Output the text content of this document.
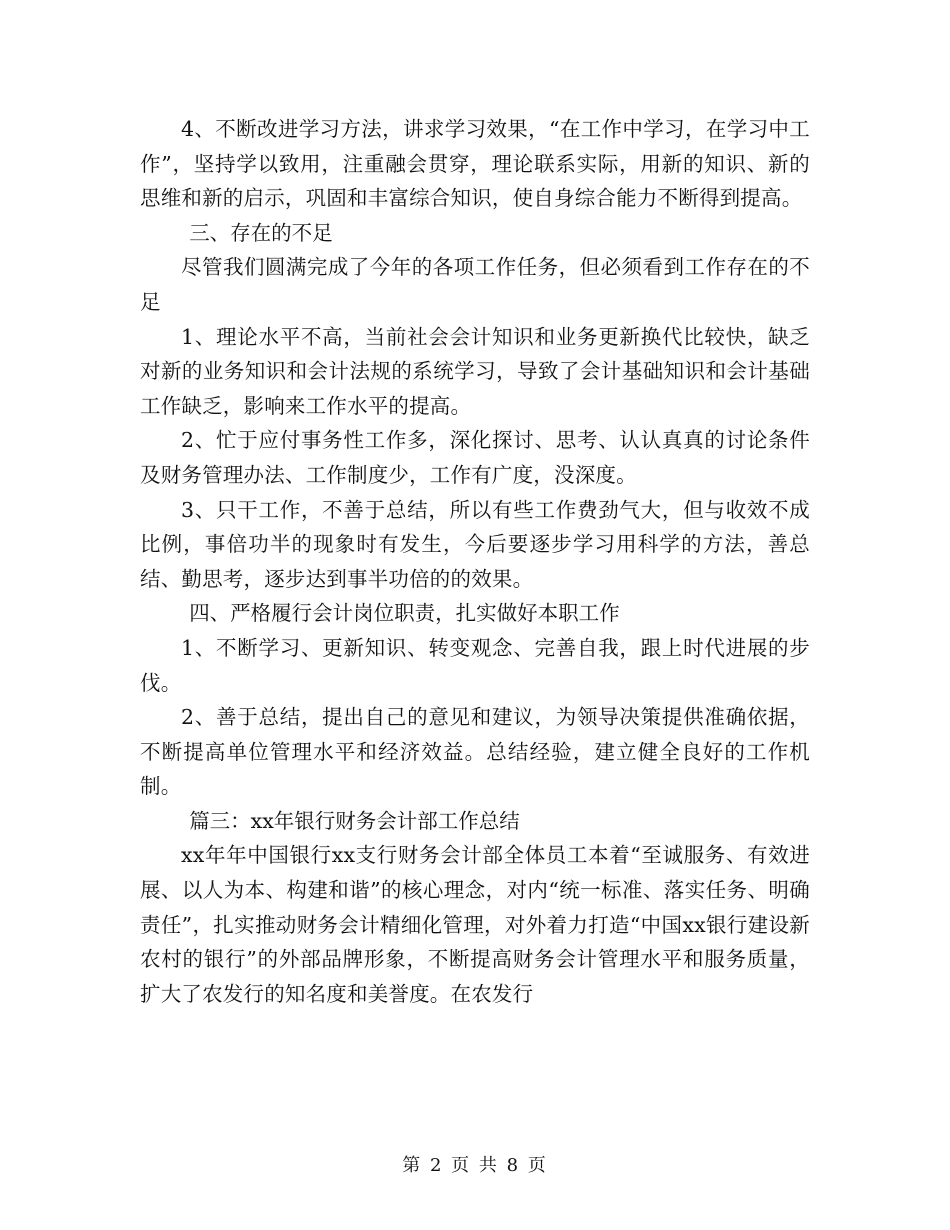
4、不断改进学习方法，讲求学习效果，“在工作中学习，在学习中工作”，坚持学以致用，注重融会贯穿，理论联系实际，用新的知识、新的思维和新的启示，巩固和丰富综合知识，使自身综合能力不断得到提高。

三、存在的不足

尽管我们圆满完成了今年的各项工作任务，但必须看到工作存在的不足

1、理论水平不高，当前社会会计知识和业务更新换代比较快，缺乏对新的业务知识和会计法规的系统学习，导致了会计基础知识和会计基础工作缺乏，影响来工作水平的提高。

2、忙于应付事务性工作多，深化探讨、思考、认认真真的讨论条件及财务管理办法、工作制度少，工作有广度，没深度。

3、只干工作，不善于总结，所以有些工作费劲气大，但与收效不成比例，事倍功半的现象时有发生，今后要逐步学习用科学的方法，善总结、勤思考，逐步达到事半功倍的的效果。

四、严格履行会计岗位职责，扎实做好本职工作

1、不断学习、更新知识、转变观念、完善自我，跟上时代进展的步伐。

2、善于总结，提出自己的意见和建议，为领导决策提供准确依据，不断提高单位管理水平和经济效益。总结经验，建立健全良好的工作机制。

篇三：xx年银行财务会计部工作总结

xx年年中国银行xx支行财务会计部全体员工本着“至诚服务、有效进展、以人为本、构建和谐”的核心理念，对内“统一标准、落实任务、明确责任”，扎实推动财务会计精细化管理，对外着力打造“中国xx银行建设新农村的银行”的外部品牌形象，不断提高财务会计管理水平和服务质量，扩大了农发行的知名度和美誉度。在农发行

第 2 页 共 8 页
